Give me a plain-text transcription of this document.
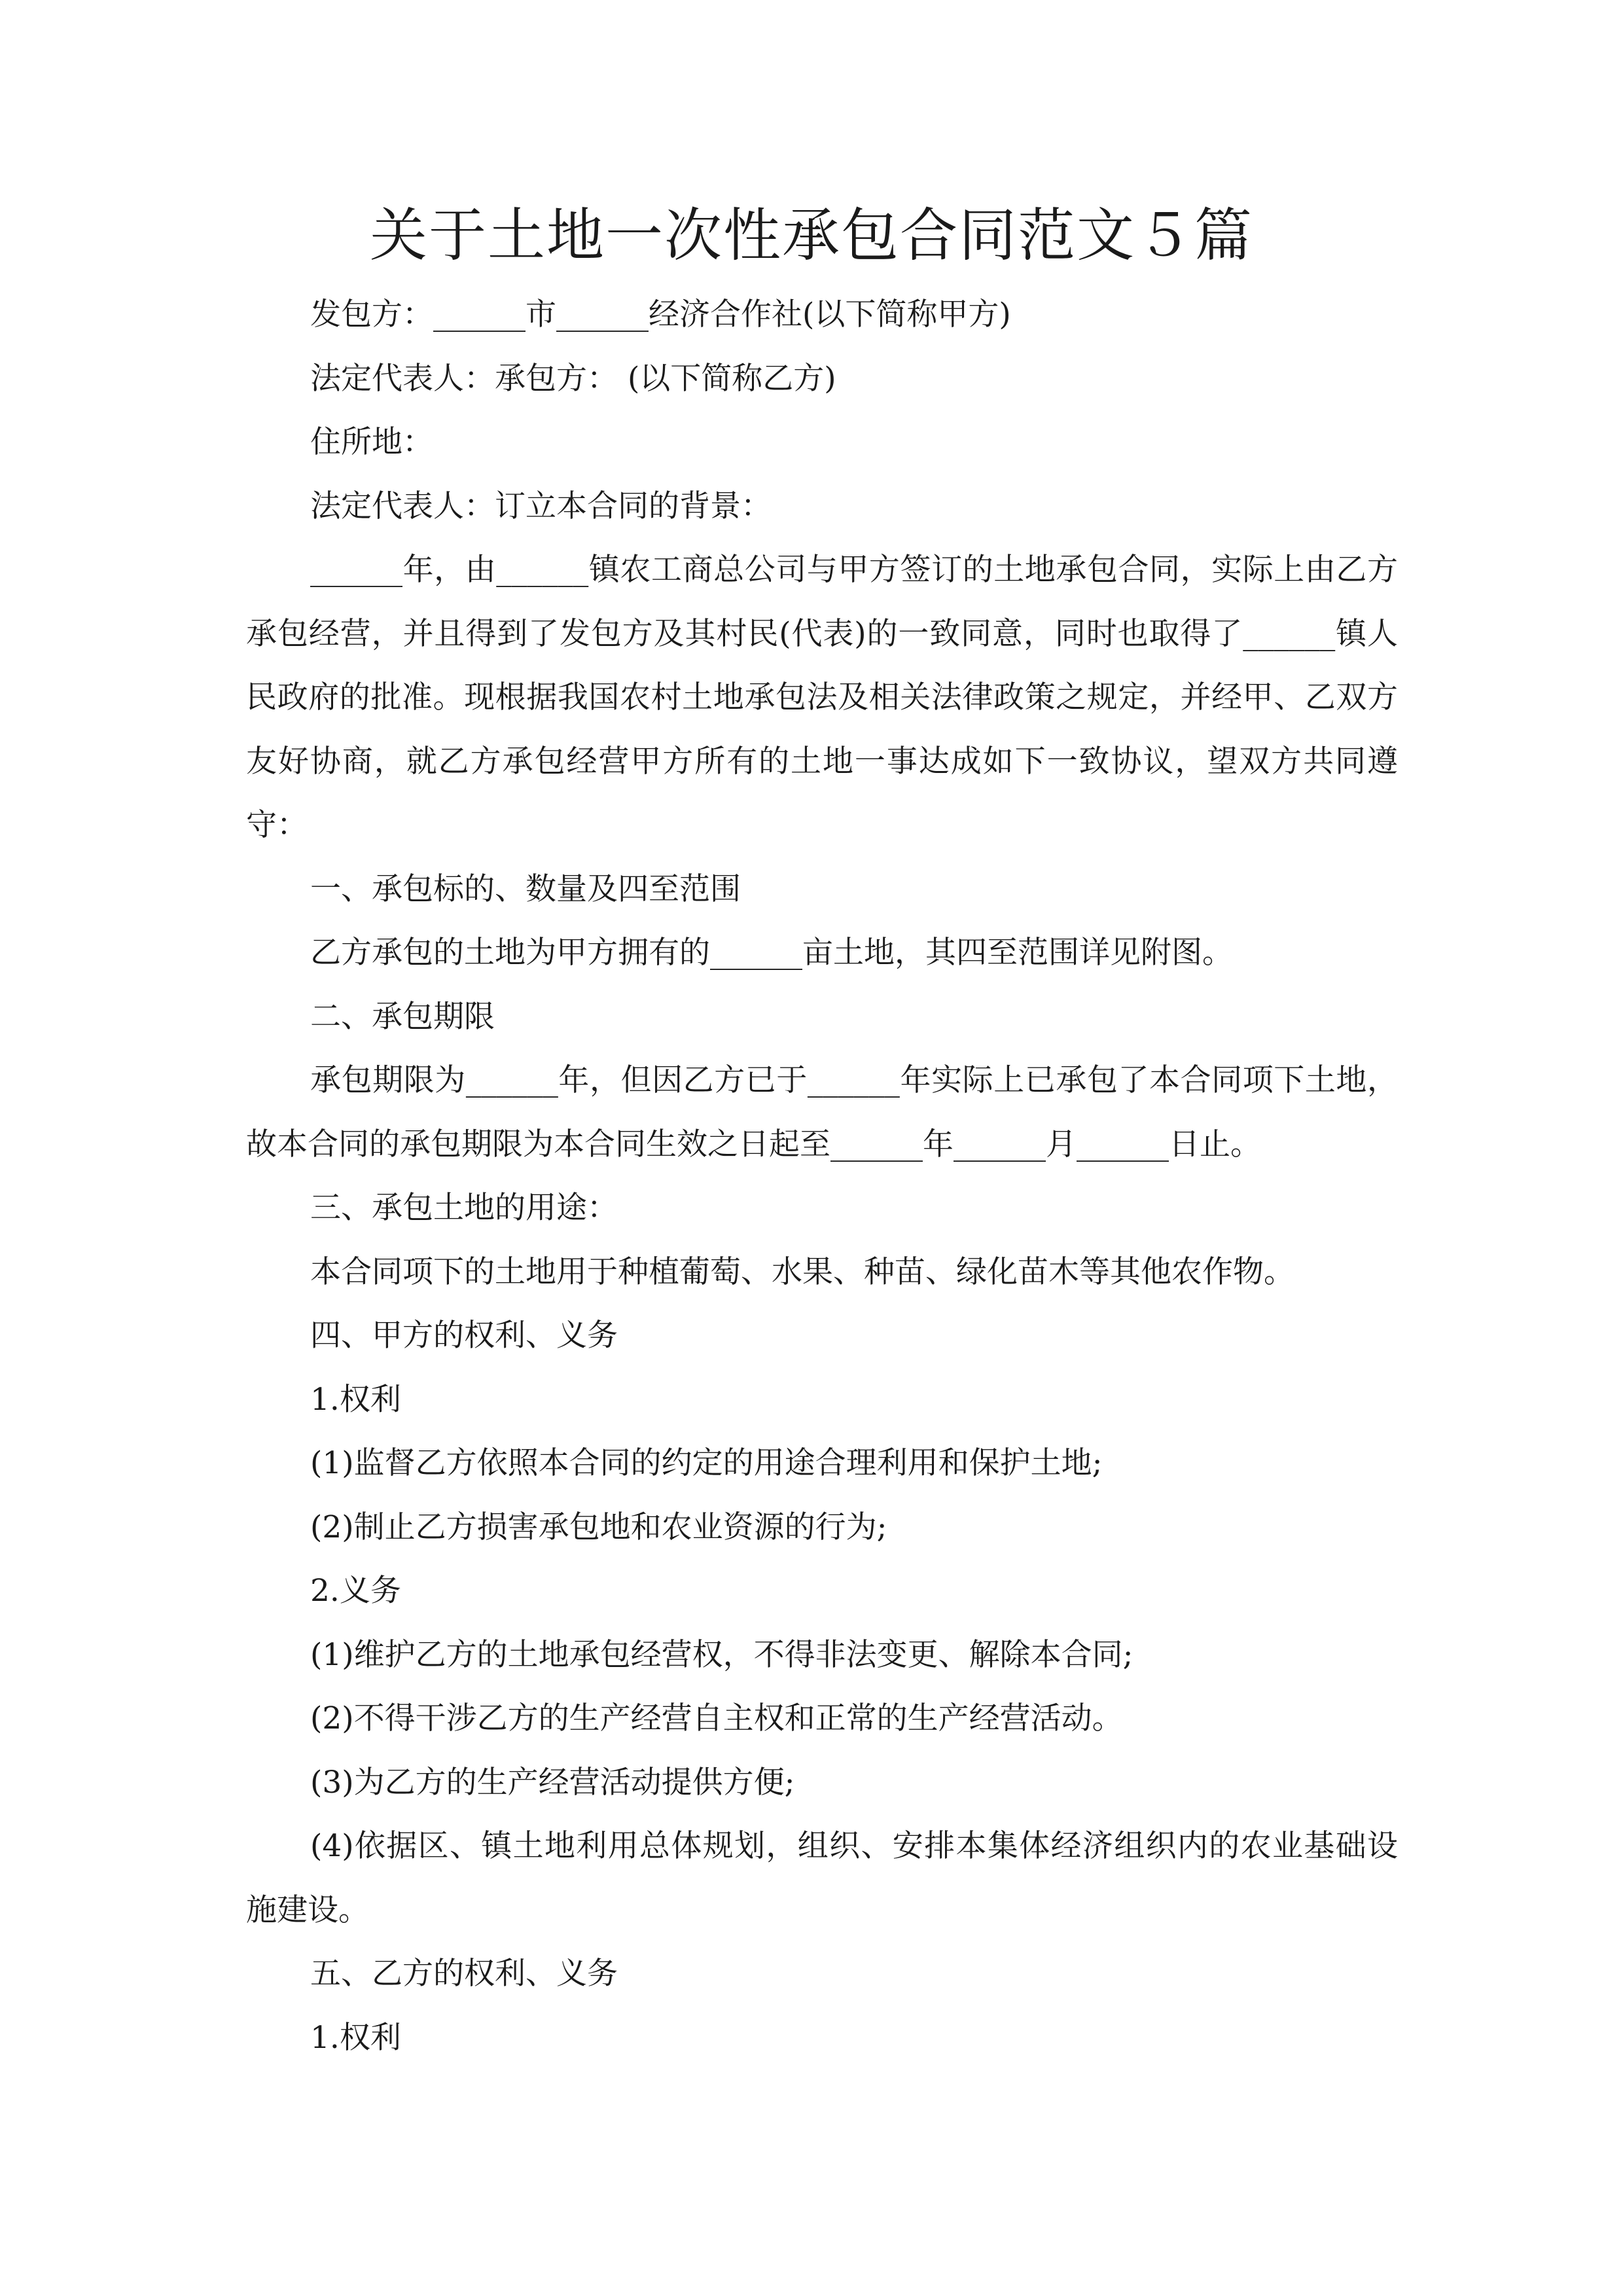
关于土地一次性承包合同范文５篇

发包方：______市______经济合作社(以下简称甲方)

法定代表人：承包方： (以下简称乙方)

住所地：

法定代表人：订立本合同的背景：

______年，由______镇农工商总公司与甲方签订的土地承包合同，实际上由乙方承包经营，并且得到了发包方及其村民(代表)的一致同意，同时也取得了______镇人民政府的批准。现根据我国农村土地承包法及相关法律政策之规定，并经甲、乙双方友好协商，就乙方承包经营甲方所有的土地一事达成如下一致协议，望双方共同遵守：

一、承包标的、数量及四至范围

乙方承包的土地为甲方拥有的______亩土地，其四至范围详见附图。

二、承包期限

承包期限为______年，但因乙方已于______年实际上已承包了本合同项下土地，故本合同的承包期限为本合同生效之日起至______年______月______日止。

三、承包土地的用途：

本合同项下的土地用于种植葡萄、水果、种苗、绿化苗木等其他农作物。

四、甲方的权利、义务

1.权利

(1)监督乙方依照本合同的约定的用途合理利用和保护土地;

(2)制止乙方损害承包地和农业资源的行为;

2.义务

(1)维护乙方的土地承包经营权，不得非法变更、解除本合同;

(2)不得干涉乙方的生产经营自主权和正常的生产经营活动。

(3)为乙方的生产经营活动提供方便;

(4)依据区、镇土地利用总体规划，组织、安排本集体经济组织内的农业基础设施建设。

五、乙方的权利、义务

1.权利
